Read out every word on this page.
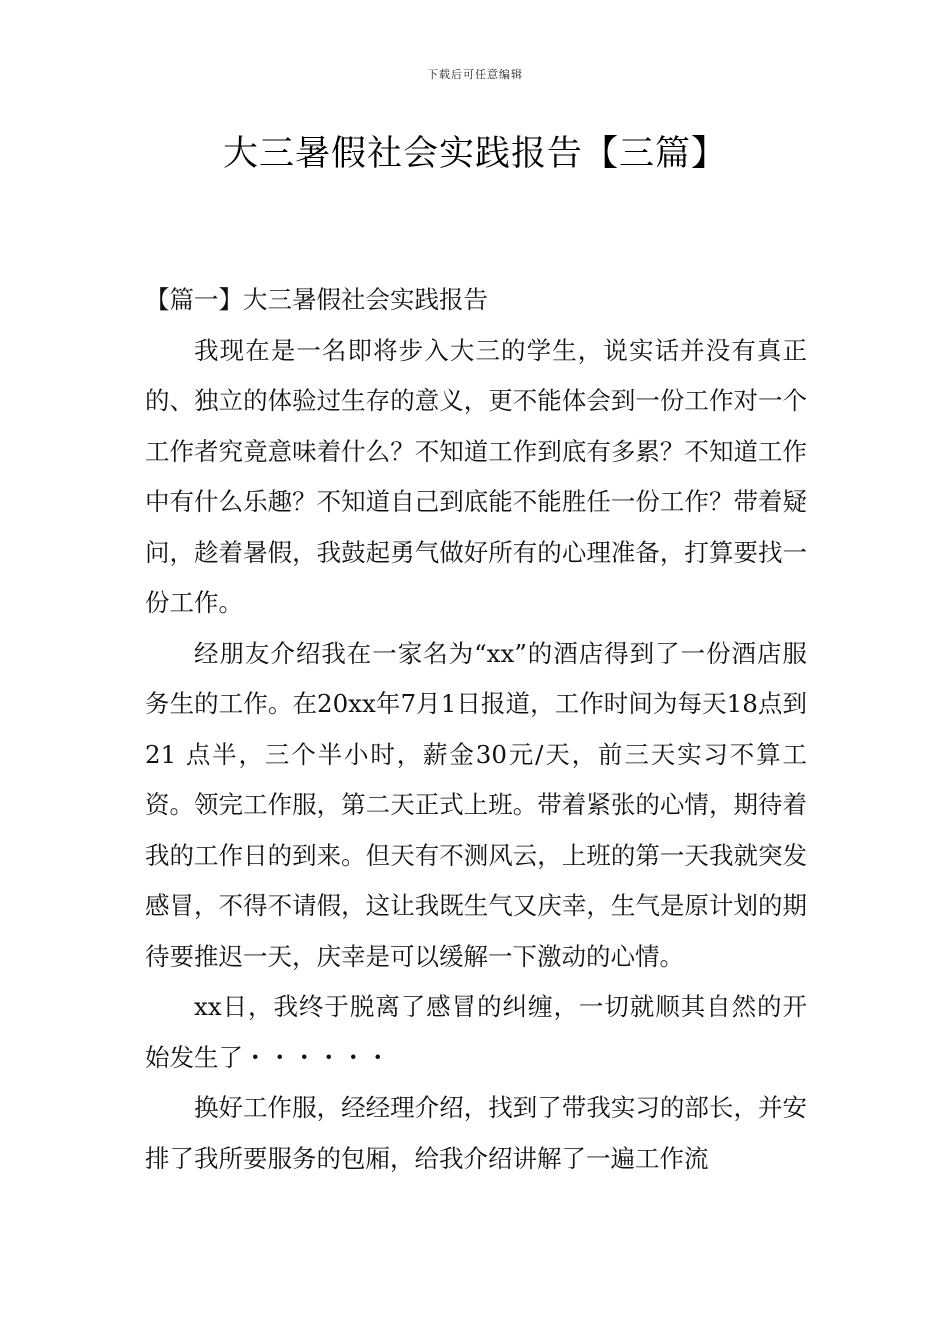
下载后可任意编辑
大三暑假社会实践报告【三篇】
【篇一】大三暑假社会实践报告

我现在是一名即将步入大三的学生，说实话并没有真正的、独立的体验过生存的意义，更不能体会到一份工作对一个工作者究竟意味着什么？不知道工作到底有多累？不知道工作中有什么乐趣？不知道自己到底能不能胜任一份工作？带着疑问，趁着暑假，我鼓起勇气做好所有的心理准备，打算要找一份工作。

经朋友介绍我在一家名为“xx”的酒店得到了一份酒店服务生的工作。在20xx年7月1日报道，工作时间为每天18点到21 点半，三个半小时，薪金30元/天，前三天实习不算工资。领完工作服，第二天正式上班。带着紧张的心情，期待着我的工作日的到来。但天有不测风云，上班的第一天我就突发感冒，不得不请假，这让我既生气又庆幸，生气是原计划的期待要推迟一天，庆幸是可以缓解一下激动的心情。

xx日，我终于脱离了感冒的纠缠，一切就顺其自然的开始发生了・・・・・・

换好工作服，经经理介绍，找到了带我实习的部长，并安排了我所要服务的包厢，给我介绍讲解了一遍工作流
